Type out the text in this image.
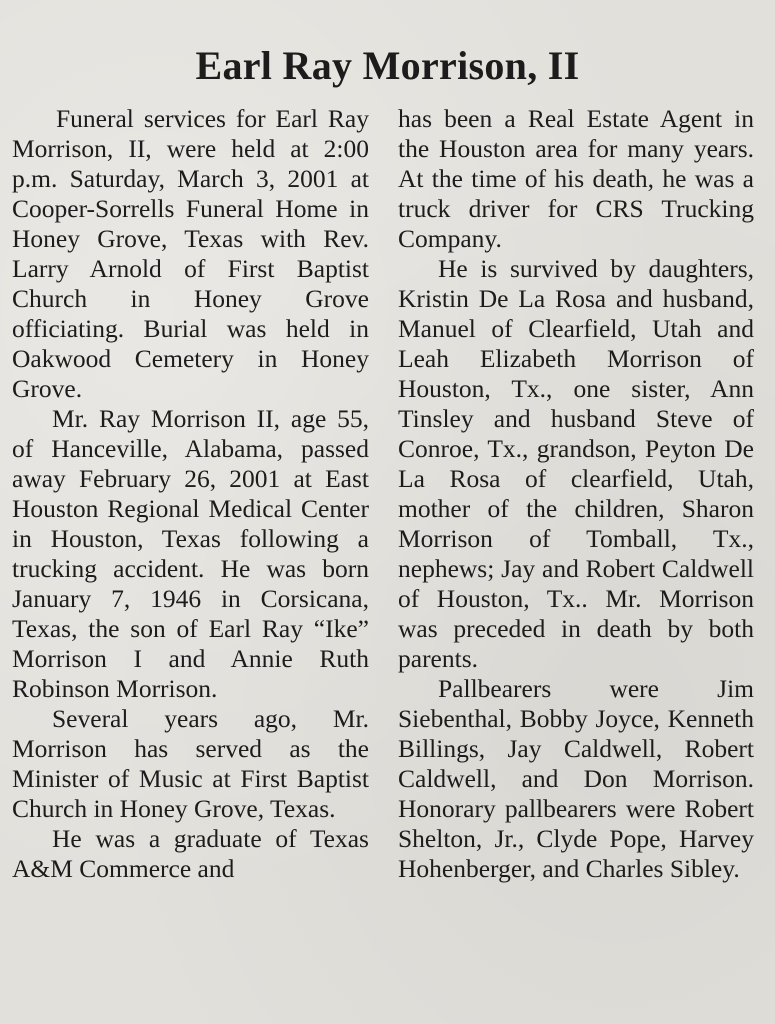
Earl Ray Morrison, II

Funeral services for Earl Ray Morrison, II, were held at 2:00 p.m. Saturday, March 3, 2001 at Cooper-Sorrells Funeral Home in Honey Grove, Texas with Rev. Larry Arnold of First Baptist Church in Honey Grove officiating. Burial was held in Oakwood Cemetery in Honey Grove.

Mr. Ray Morrison II, age 55, of Hanceville, Alabama, passed away February 26, 2001 at East Houston Regional Medical Center in Houston, Texas following a trucking accident. He was born January 7, 1946 in Corsicana, Texas, the son of Earl Ray “Ike” Morrison I and Annie Ruth Robinson Morrison.

Several years ago, Mr. Morrison has served as the Minister of Music at First Baptist Church in Honey Grove, Texas.

He was a graduate of Texas A&M Commerce and

has been a Real Estate Agent in the Houston area for many years. At the time of his death, he was a truck driver for CRS Trucking Company.

He is survived by daughters, Kristin De La Rosa and husband, Manuel of Clearfield, Utah and Leah Elizabeth Morrison of Houston, Tx., one sister, Ann Tinsley and husband Steve of Conroe, Tx., grandson, Peyton De La Rosa of clearfield, Utah, mother of the children, Sharon Morrison of Tomball, Tx., nephews; Jay and Robert Caldwell of Houston, Tx.. Mr. Morrison was preceded in death by both parents.

Pallbearers were Jim Siebenthal, Bobby Joyce, Kenneth Billings, Jay Caldwell, Robert Caldwell, and Don Morrison. Honorary pallbearers were Robert Shelton, Jr., Clyde Pope, Harvey Hohenberger, and Charles Sibley.
